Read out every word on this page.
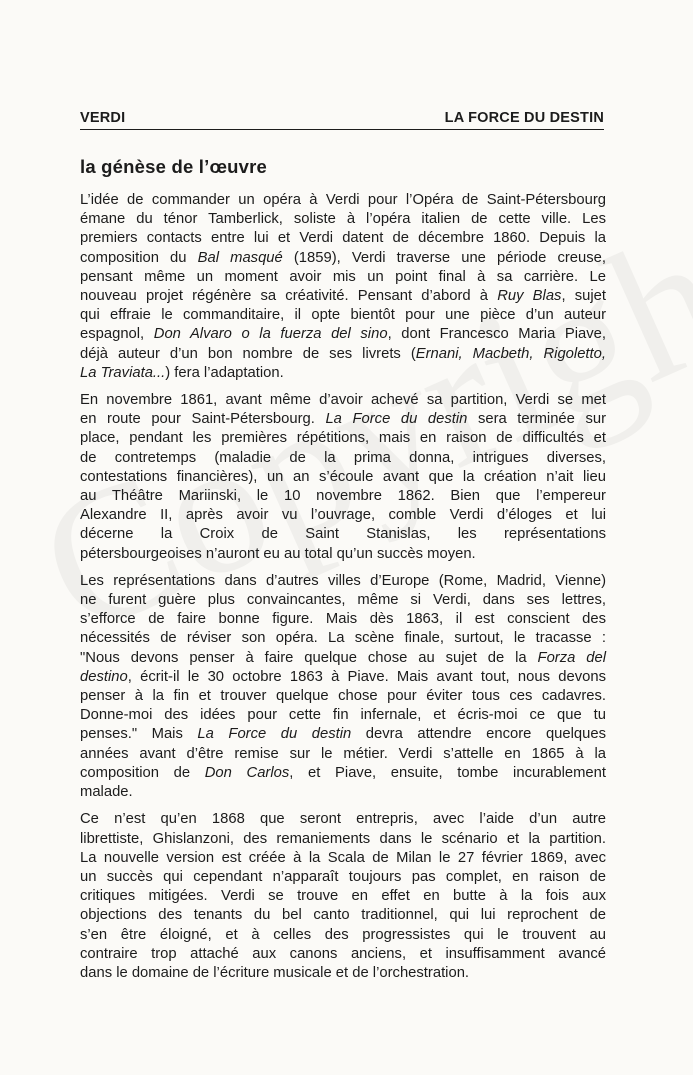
VERDI	LA FORCE DU DESTIN
la génèse de l’œuvre

L’idée de commander un opéra à Verdi pour l’Opéra de Saint-Pétersbourg
émane du ténor Tamberlick, soliste à l’opéra italien de cette ville. Les
premiers contacts entre lui et Verdi datent de décembre 1860. Depuis la
composition du Bal masqué (1859), Verdi traverse une période creuse,
pensant même un moment avoir mis un point final à sa carrière. Le
nouveau projet régénère sa créativité. Pensant d’abord à Ruy Blas, sujet
qui effraie le commanditaire, il opte bientôt pour une pièce d’un auteur
espagnol, Don Alvaro o la fuerza del sino, dont Francesco Maria Piave,
déjà auteur d’un bon nombre de ses livrets (Ernani, Macbeth, Rigoletto,
La Traviata...) fera l’adaptation.

En novembre 1861, avant même d’avoir achevé sa partition, Verdi se met
en route pour Saint-Pétersbourg. La Force du destin sera terminée sur
place, pendant les premières répétitions, mais en raison de difficultés et
de contretemps (maladie de la prima donna, intrigues diverses,
contestations financières), un an s’écoule avant que la création n’ait lieu
au Théâtre Mariinski, le 10 novembre 1862. Bien que l’empereur
Alexandre II, après avoir vu l’ouvrage, comble Verdi d’éloges et lui
décerne la Croix de Saint Stanislas, les représentations
pétersbourgeoises n’auront eu au total qu’un succès moyen.

Les représentations dans d’autres villes d’Europe (Rome, Madrid, Vienne)
ne furent guère plus convaincantes, même si Verdi, dans ses lettres,
s’efforce de faire bonne figure. Mais dès 1863, il est conscient des
nécessités de réviser son opéra. La scène finale, surtout, le tracasse :
"Nous devons penser à faire quelque chose au sujet de la Forza del
destino, écrit-il le 30 octobre 1863 à Piave. Mais avant tout, nous devons
penser à la fin et trouver quelque chose pour éviter tous ces cadavres.
Donne-moi des idées pour cette fin infernale, et écris-moi ce que tu
penses." Mais La Force du destin devra attendre encore quelques
années avant d’être remise sur le métier. Verdi s’attelle en 1865 à la
composition de Don Carlos, et Piave, ensuite, tombe incurablement
malade.

Ce n’est qu’en 1868 que seront entrepris, avec l’aide d’un autre
librettiste, Ghislanzoni, des remaniements dans le scénario et la partition.
La nouvelle version est créée à la Scala de Milan le 27 février 1869, avec
un succès qui cependant n’apparaît toujours pas complet, en raison de
critiques mitigées. Verdi se trouve en effet en butte à la fois aux
objections des tenants du bel canto traditionnel, qui lui reprochent de
s’en être éloigné, et à celles des progressistes qui le trouvent au
contraire trop attaché aux canons anciens, et insuffisamment avancé
dans le domaine de l’écriture musicale et de l’orchestration.
